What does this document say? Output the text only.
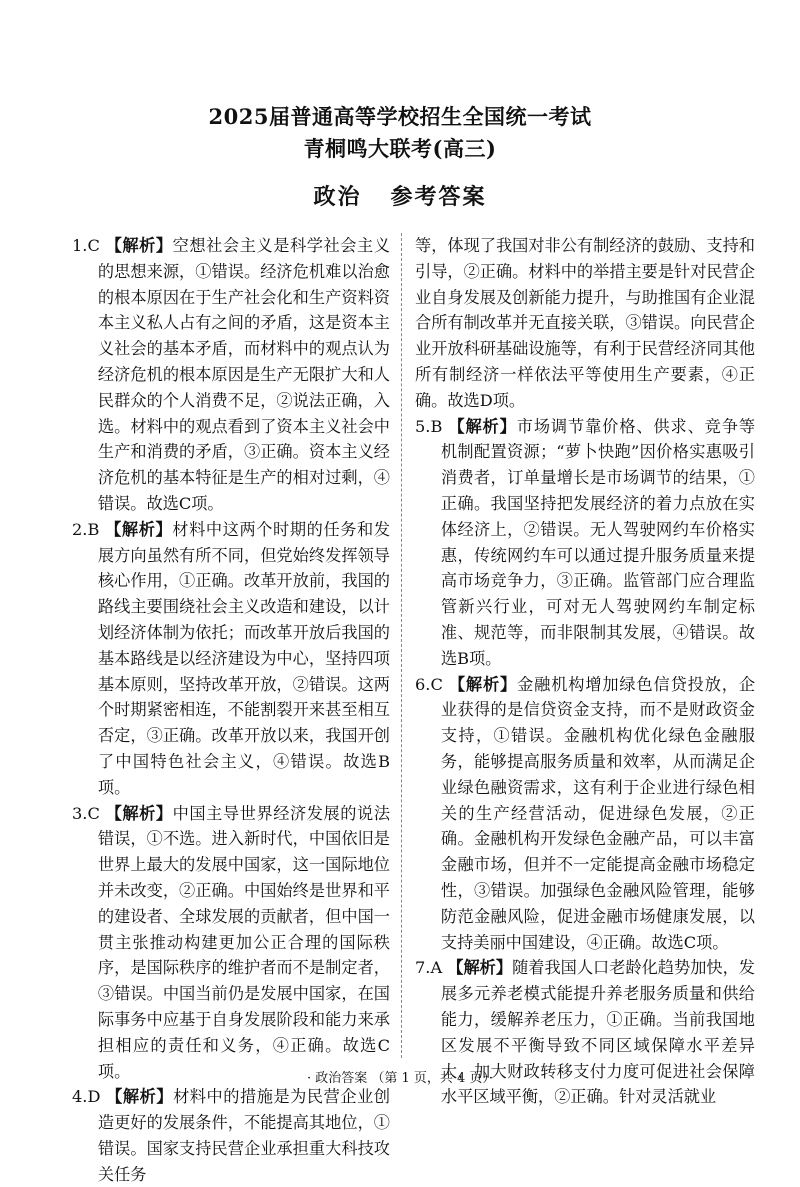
2025届普通高等学校招生全国统一考试
青桐鸣大联考(高三)
政治   参考答案

1.C 【解析】空想社会主义是科学社会主义的思想来源，①错误。经济危机难以治愈的根本原因在于生产社会化和生产资料资本主义私人占有之间的矛盾，这是资本主义社会的基本矛盾，而材料中的观点认为经济危机的根本原因是生产无限扩大和人民群众的个人消费不足，②说法正确，入选。材料中的观点看到了资本主义社会中生产和消费的矛盾，③正确。资本主义经济危机的基本特征是生产的相对过剩，④错误。故选C项。

2.B 【解析】材料中这两个时期的任务和发展方向虽然有所不同，但党始终发挥领导核心作用，①正确。改革开放前，我国的路线主要围绕社会主义改造和建设，以计划经济体制为依托；而改革开放后我国的基本路线是以经济建设为中心，坚持四项基本原则，坚持改革开放，②错误。这两个时期紧密相连，不能割裂开来甚至相互否定，③正确。改革开放以来，我国开创了中国特色社会主义，④错误。故选B项。

3.C 【解析】中国主导世界经济发展的说法错误，①不选。进入新时代，中国依旧是世界上最大的发展中国家，这一国际地位并未改变，②正确。中国始终是世界和平的建设者、全球发展的贡献者，但中国一贯主张推动构建更加公正合理的国际秩序，是国际秩序的维护者而不是制定者，③错误。中国当前仍是发展中国家，在国际事务中应基于自身发展阶段和能力来承担相应的责任和义务，④正确。故选C项。

4.D 【解析】材料中的措施是为民营企业创造更好的发展条件，不能提高其地位，①错误。国家支持民营企业承担重大科技攻关任务

等，体现了我国对非公有制经济的鼓励、支持和引导，②正确。材料中的举措主要是针对民营企业自身发展及创新能力提升，与助推国有企业混合所有制改革并无直接关联，③错误。向民营企业开放科研基础设施等，有利于民营经济同其他所有制经济一样依法平等使用生产要素，④正确。故选D项。

5.B 【解析】市场调节靠价格、供求、竞争等机制配置资源；“萝卜快跑”因价格实惠吸引消费者，订单量增长是市场调节的结果，①正确。我国坚持把发展经济的着力点放在实体经济上，②错误。无人驾驶网约车价格实惠，传统网约车可以通过提升服务质量来提高市场竞争力，③正确。监管部门应合理监管新兴行业，可对无人驾驶网约车制定标准、规范等，而非限制其发展，④错误。故选B项。

6.C 【解析】金融机构增加绿色信贷投放，企业获得的是信贷资金支持，而不是财政资金支持，①错误。金融机构优化绿色金融服务，能够提高服务质量和效率，从而满足企业绿色融资需求，这有利于企业进行绿色相关的生产经营活动，促进绿色发展，②正确。金融机构开发绿色金融产品，可以丰富金融市场，但并不一定能提高金融市场稳定性，③错误。加强绿色金融风险管理，能够防范金融风险，促进金融市场健康发展，以支持美丽中国建设，④正确。故选C项。

7.A 【解析】随着我国人口老龄化趋势加快，发展多元养老模式能提升养老服务质量和供给能力，缓解养老压力，①正确。当前我国地区发展不平衡导致不同区域保障水平差异大，加大财政转移支付力度可促进社会保障水平区域平衡，②正确。针对灵活就业

· 政治答案 （第 1 页，共 4 页）·
